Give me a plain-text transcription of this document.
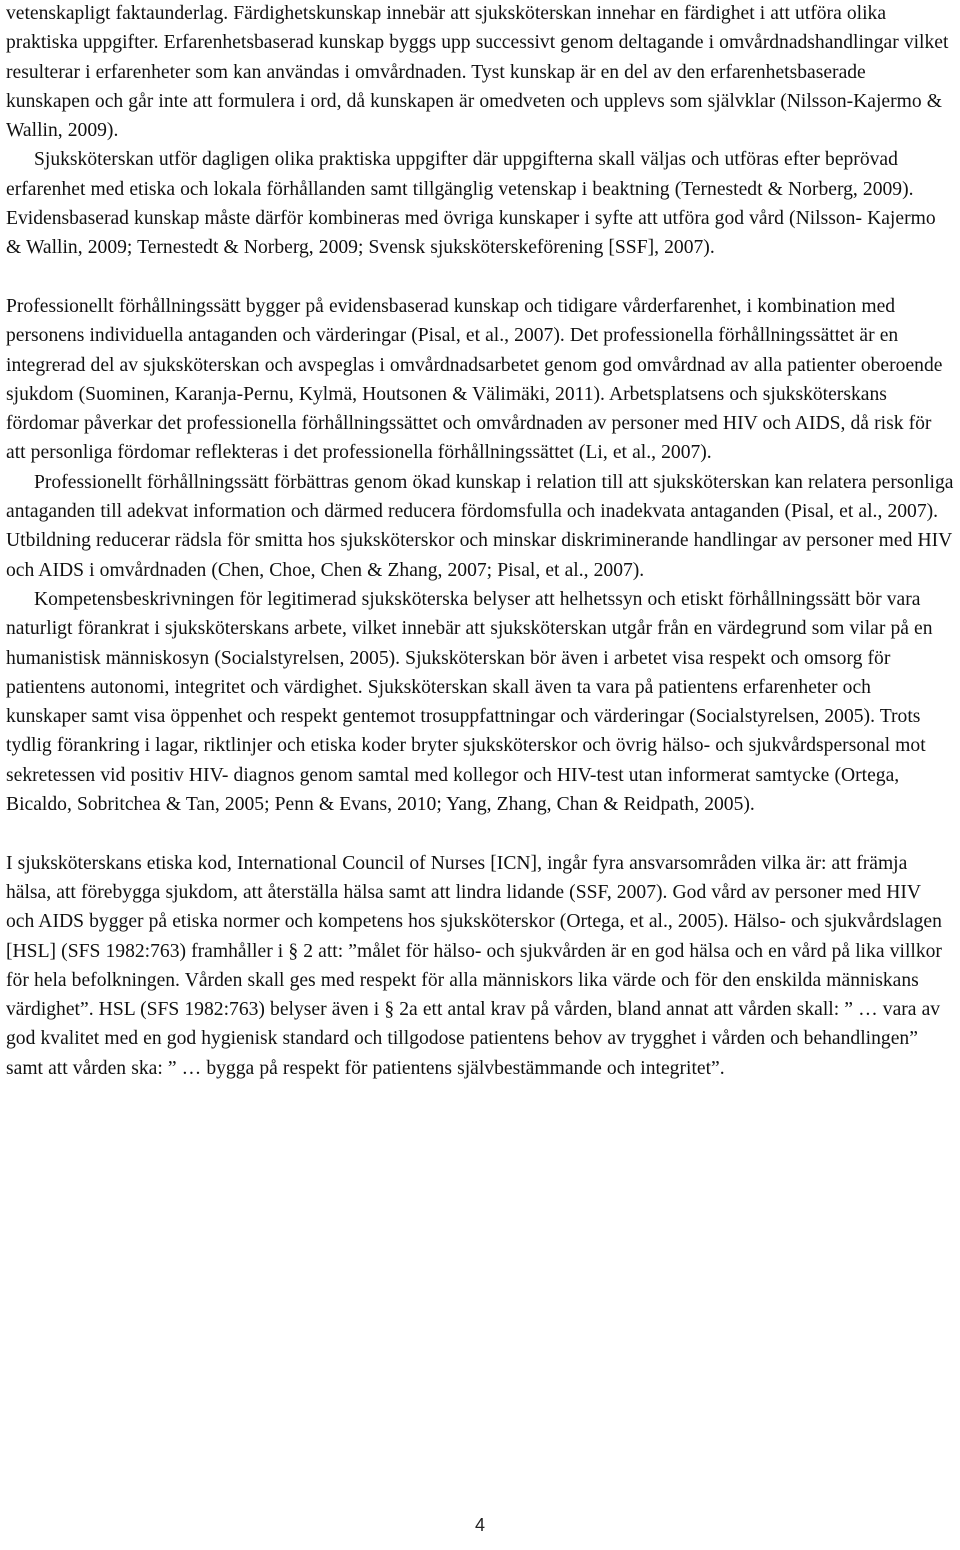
vetenskapligt faktaunderlag. Färdighetskunskap innebär att sjuksköterskan innehar en färdighet i att utföra olika praktiska uppgifter. Erfarenhetsbaserad kunskap byggs upp successivt genom deltagande i omvårdnadshandlingar vilket resulterar i erfarenheter som kan användas i omvårdnaden. Tyst kunskap är en del av den erfarenhetsbaserade kunskapen och går inte att formulera i ord, då kunskapen är omedveten och upplevs som självklar (Nilsson-Kajermo & Wallin, 2009).

Sjuksköterskan utför dagligen olika praktiska uppgifter där uppgifterna skall väljas och utföras efter beprövad erfarenhet med etiska och lokala förhållanden samt tillgänglig vetenskap i beaktning (Ternestedt & Norberg, 2009). Evidensbaserad kunskap måste därför kombineras med övriga kunskaper i syfte att utföra god vård (Nilsson- Kajermo & Wallin, 2009; Ternestedt & Norberg, 2009; Svensk sjuksköterskeförening [SSF], 2007).

Professionellt förhållningssätt bygger på evidensbaserad kunskap och tidigare vårderfarenhet, i kombination med personens individuella antaganden och värderingar (Pisal, et al., 2007). Det professionella förhållningssättet är en integrerad del av sjuksköterskan och avspeglas i omvårdnadsarbetet genom god omvårdnad av alla patienter oberoende sjukdom (Suominen, Karanja-Pernu, Kylmä, Houtsonen & Välimäki, 2011). Arbetsplatsens och sjuksköterskans fördomar påverkar det professionella förhållningssättet och omvårdnaden av personer med HIV och AIDS, då risk för att personliga fördomar reflekteras i det professionella förhållningssättet (Li, et al., 2007).

Professionellt förhållningssätt förbättras genom ökad kunskap i relation till att sjuksköterskan kan relatera personliga antaganden till adekvat information och därmed reducera fördomsfulla och inadekvata antaganden (Pisal, et al., 2007). Utbildning reducerar rädsla för smitta hos sjuksköterskor och minskar diskriminerande handlingar av personer med HIV och AIDS i omvårdnaden (Chen, Choe, Chen & Zhang, 2007; Pisal, et al., 2007).

Kompetensbeskrivningen för legitimerad sjuksköterska belyser att helhetssyn och etiskt förhållningssätt bör vara naturligt förankrat i sjuksköterskans arbete, vilket innebär att sjuksköterskan utgår från en värdegrund som vilar på en humanistisk människosyn (Socialstyrelsen, 2005). Sjuksköterskan bör även i arbetet visa respekt och omsorg för patientens autonomi, integritet och värdighet. Sjuksköterskan skall även ta vara på patientens erfarenheter och kunskaper samt visa öppenhet och respekt gentemot trosuppfattningar och värderingar (Socialstyrelsen, 2005). Trots tydlig förankring i lagar, riktlinjer och etiska koder bryter sjuksköterskor och övrig hälso- och sjukvårdspersonal mot sekretessen vid positiv HIV- diagnos genom samtal med kollegor och HIV-test utan informerat samtycke (Ortega, Bicaldo, Sobritchea & Tan, 2005; Penn & Evans, 2010; Yang, Zhang, Chan & Reidpath, 2005).

I sjuksköterskans etiska kod, International Council of Nurses [ICN], ingår fyra ansvarsområden vilka är: att främja hälsa, att förebygga sjukdom, att återställa hälsa samt att lindra lidande (SSF, 2007). God vård av personer med HIV och AIDS bygger på etiska normer och kompetens hos sjuksköterskor (Ortega, et al., 2005). Hälso- och sjukvårdslagen [HSL] (SFS 1982:763) framhåller i § 2 att: ”målet för hälso- och sjukvården är en god hälsa och en vård på lika villkor för hela befolkningen. Vården skall ges med respekt för alla människors lika värde och för den enskilda människans värdighet”. HSL (SFS 1982:763) belyser även i § 2a ett antal krav på vården, bland annat att vården skall: ” … vara av god kvalitet med en god hygienisk standard och tillgodose patientens behov av trygghet i vården och behandlingen” samt att vården ska: ” … bygga på respekt för patientens självbestämmande och integritet”.

4
